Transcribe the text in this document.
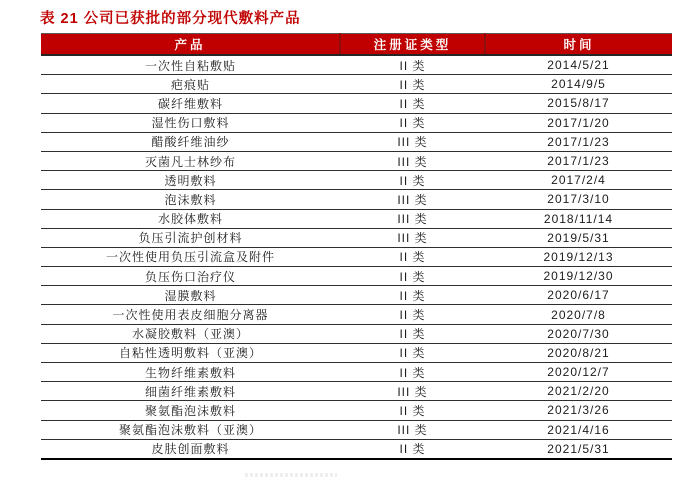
表 21 公司已获批的部分现代敷料产品
产品	注册证类型	时间
一次性自粘敷贴	II 类	2014/5/21
疤痕贴	II 类	2014/9/5
碳纤维敷料	II 类	2015/8/17
湿性伤口敷料	II 类	2017/1/20
醋酸纤维油纱	III 类	2017/1/23
灭菌凡士林纱布	III 类	2017/1/23
透明敷料	II 类	2017/2/4
泡沫敷料	III 类	2017/3/10
水胶体敷料	III 类	2018/11/14
负压引流护创材料	III 类	2019/5/31
一次性使用负压引流盒及附件	II 类	2019/12/13
负压伤口治疗仪	II 类	2019/12/30
湿膜敷料	II 类	2020/6/17
一次性使用表皮细胞分离器	II 类	2020/7/8
水凝胶敷料（亚澳）	II 类	2020/7/30
自粘性透明敷料（亚澳）	II 类	2020/8/21
生物纤维素敷料	II 类	2020/12/7
细菌纤维素敷料	III 类	2021/2/20
聚氨酯泡沫敷料	II 类	2021/3/26
聚氨酯泡沫敷料（亚澳）	III 类	2021/4/16
皮肤创面敷料	II 类	2021/5/31
